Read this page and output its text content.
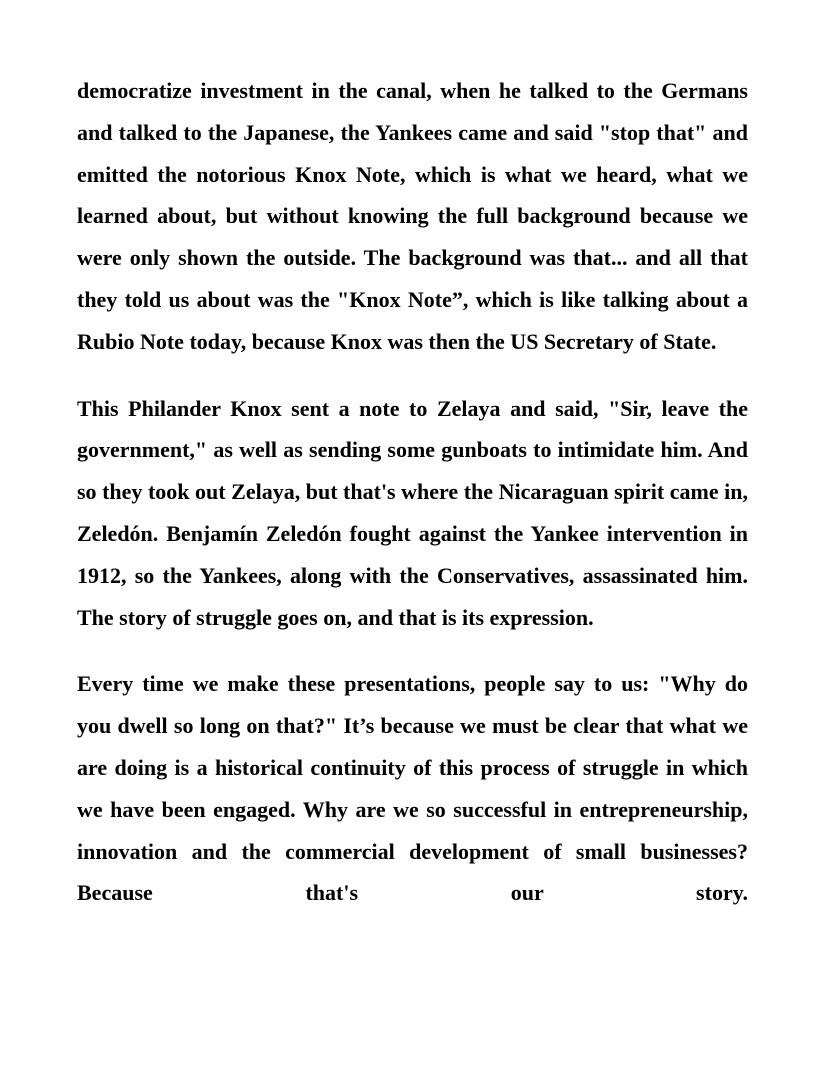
democratize investment in the canal, when he talked to the Germans and talked to the Japanese, the Yankees came and said "stop that" and emitted the notorious Knox Note, which is what we heard, what we learned about, but without knowing the full background because we were only shown the outside. The background was that... and all that they told us about was the "Knox Note”, which is like talking about a Rubio Note today, because Knox was then the US Secretary of State.

This Philander Knox sent a note to Zelaya and said, "Sir, leave the government," as well as sending some gunboats to intimidate him. And so they took out Zelaya, but that's where the Nicaraguan spirit came in, Zeledón. Benjamín Zeledón fought against the Yankee intervention in 1912, so the Yankees, along with the Conservatives, assassinated him. The story of struggle goes on, and that is its expression.

Every time we make these presentations, people say to us: "Why do you dwell so long on that?" It’s because we must be clear that what we are doing is a historical continuity of this process of struggle in which we have been engaged. Why are we so successful in entrepreneurship, innovation and the commercial development of small businesses? Because that's our story.
